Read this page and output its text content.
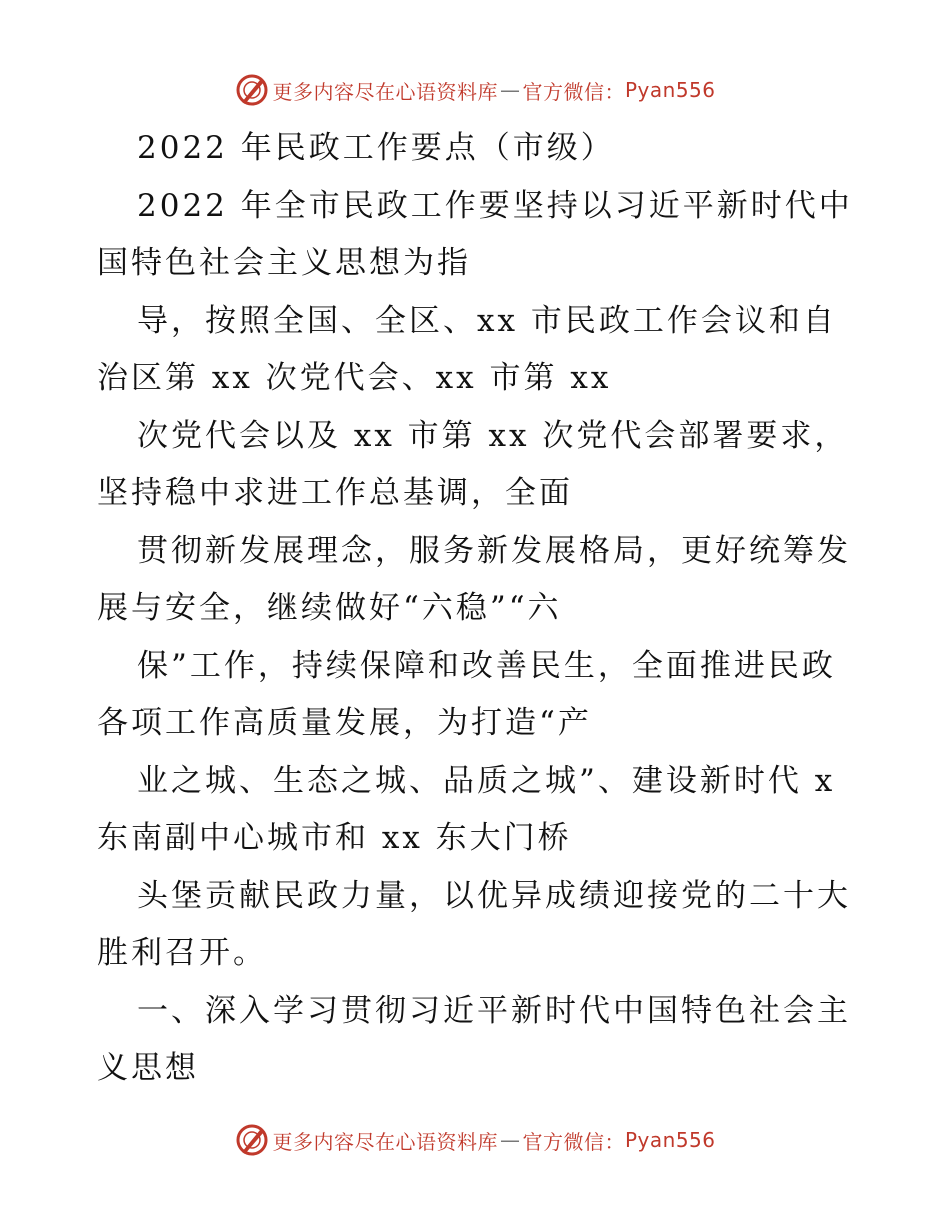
更多内容尽在心语资料库 — 官方微信： Pyan556
2022 年民政工作要点（市级）
2022 年全市民政工作要坚持以习近平新时代中
国特色社会主义思想为指
导，按照全国、全区、xx 市民政工作会议和自
治区第 xx 次党代会、xx 市第 xx
次党代会以及 xx 市第 xx 次党代会部署要求，
坚持稳中求进工作总基调，全面
贯彻新发展理念，服务新发展格局，更好统筹发
展与安全，继续做好“六稳”“六
保”工作，持续保障和改善民生，全面推进民政
各项工作高质量发展，为打造“产
业之城、生态之城、品质之城”、建设新时代 x
东南副中心城市和 xx 东大门桥
头堡贡献民政力量，以优异成绩迎接党的二十大
胜利召开。
一、深入学习贯彻习近平新时代中国特色社会主
义思想
更多内容尽在心语资料库 — 官方微信： Pyan556
